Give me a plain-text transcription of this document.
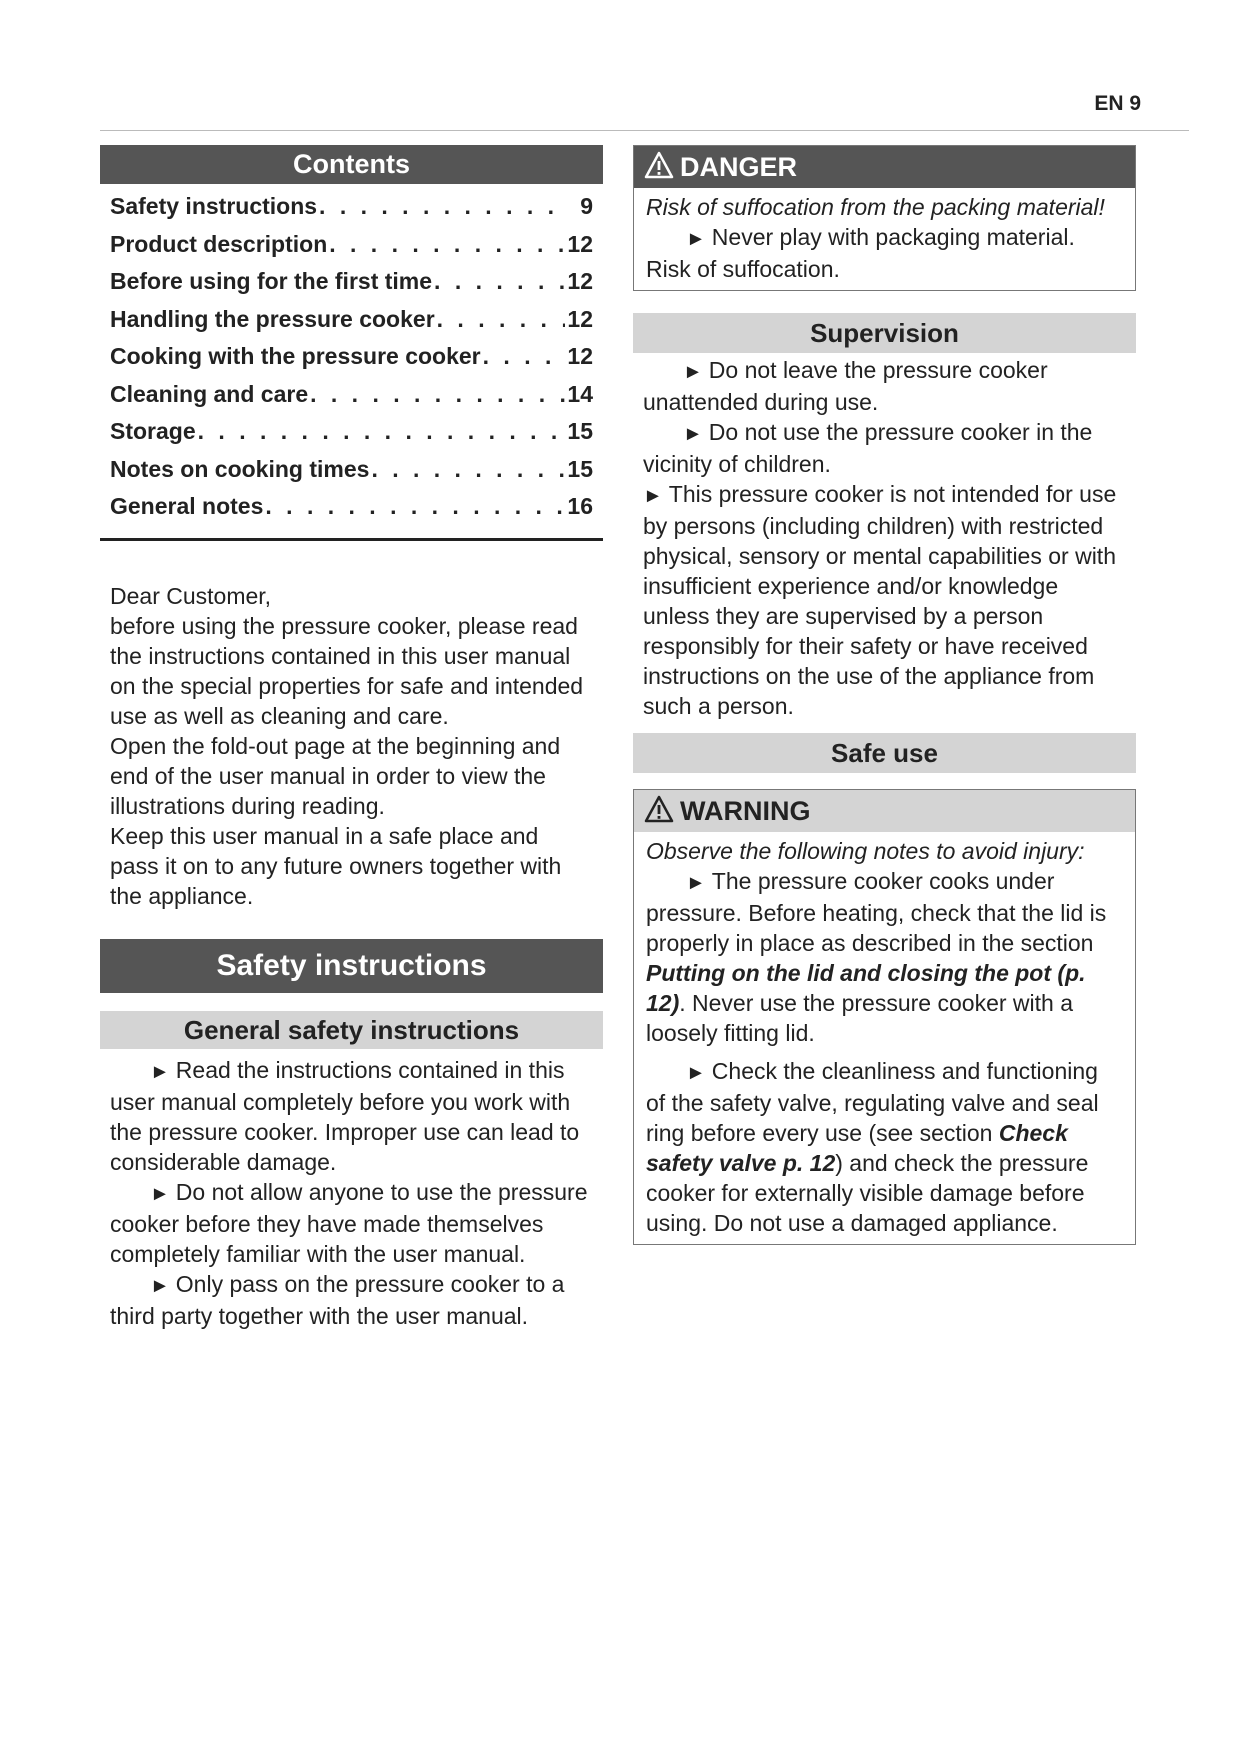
EN 9
Contents
Safety instructions . . .	9
Product description . . .	12
Before using for the first time . . .	12
Handling the pressure cooker . . .	12
Cooking with the pressure cooker . . .	12
Cleaning and care . . .	14
Storage . . .	15
Notes on cooking times . . .	15
General notes . . .	16

Dear Customer,

before using the pressure cooker, please read the instructions contained in this user manual on the special properties for safe and intended use as well as cleaning and care.

Open the fold-out page at the beginning and end of the user manual in order to view the illustrations during reading.

Keep this user manual in a safe place and pass it on to any future owners together with the appliance.

Safety instructions
General safety instructions

► Read the instructions contained in this user manual completely before you work with the pressure cooker. Improper use can lead to considerable damage.

► Do not allow anyone to use the pressure cooker before they have made themselves completely familiar with the user manual.

► Only pass on the pressure cooker to a third party together with the user manual.

DANGER

Risk of suffocation from the packing material!

► Never play with packaging material. Risk of suffocation.

Supervision

► Do not leave the pressure cooker unattended during use.

► Do not use the pressure cooker in the vicinity of children.

► This pressure cooker is not intended for use by persons (including children) with restricted physical, sensory or mental capabilities or with insufficient experience and/or knowledge unless they are supervised by a person responsibly for their safety or have received instructions on the use of the appliance from such a person.

Safe use
WARNING

Observe the following notes to avoid injury:

► The pressure cooker cooks under pressure. Before heating, check that the lid is properly in place as described in the section Putting on the lid and closing the pot (p. 12). Never use the pressure cooker with a loosely fitting lid.

► Check the cleanliness and functioning of the safety valve, regulating valve and seal ring before every use (see section Check safety valve p. 12) and check the pressure cooker for externally visible damage before using. Do not use a damaged appliance.
